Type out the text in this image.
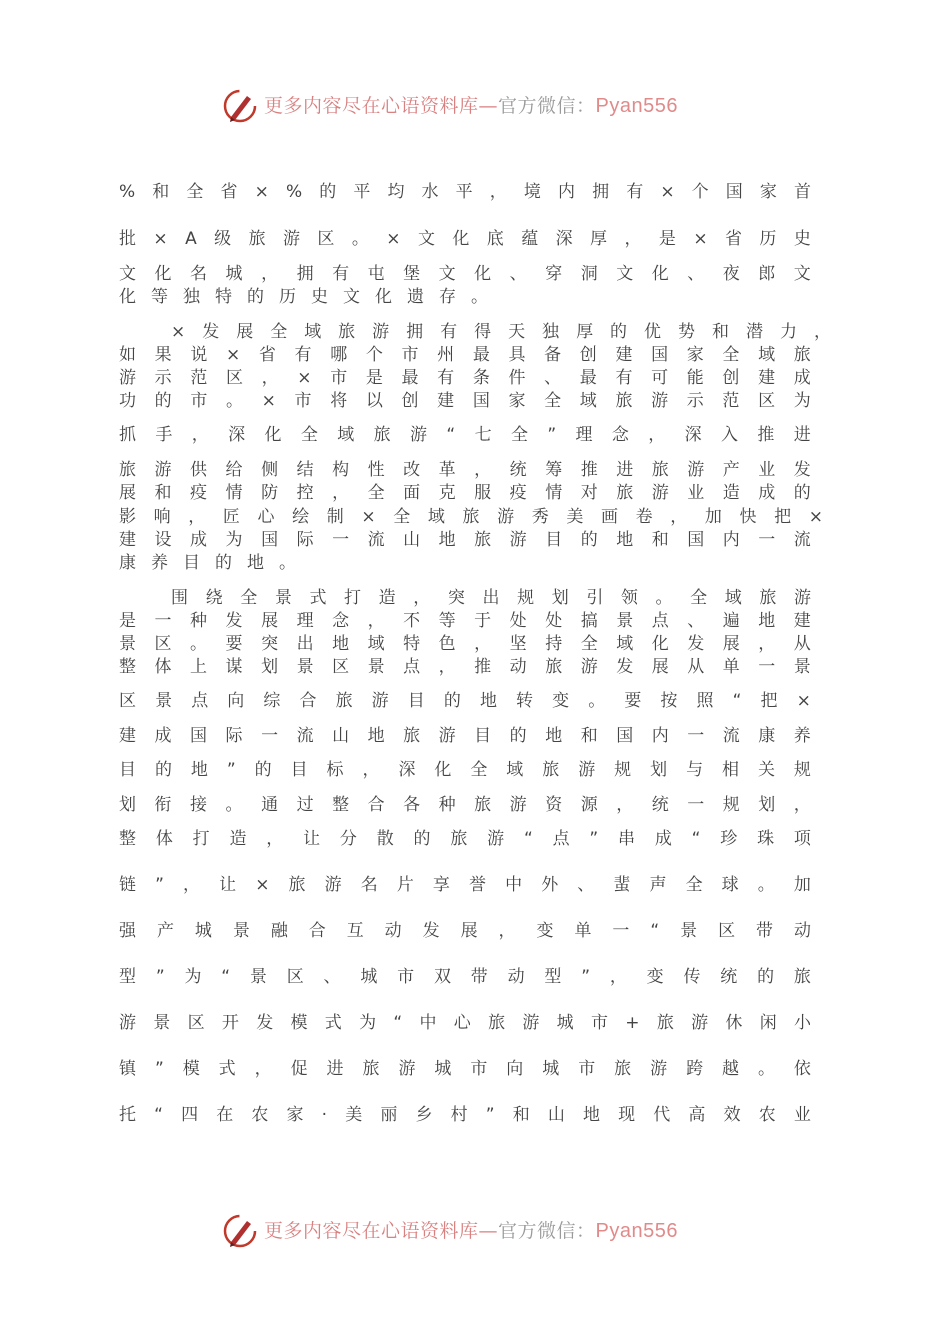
更多内容尽在心语资料库—官方微信：Pyan556
更多内容尽在心语资料库—官方微信：Pyan556
% 和 全 省 × % 的 平 均 水 平 ， 境 内 拥 有 × 个 国 家 首
批 × A 级 旅 游 区 。 × 文 化 底 蕴 深 厚 ， 是 × 省 历 史
文 化 名 城 ， 拥 有 屯 堡 文 化 、 穿 洞 文 化 、 夜 郎 文
化等独特的历史文化遗存。
× 发 展 全 域 旅 游 拥 有 得 天 独 厚 的 优 势 和 潜 力 ，
如 果 说 × 省 有 哪 个 市 州 最 具 备 创 建 国 家 全 域 旅
游 示 范 区 ， × 市 是 最 有 条 件 、 最 有 可 能 创 建 成
功 的 市 。 × 市 将 以 创 建 国 家 全 域 旅 游 示 范 区 为
抓 手 ， 深 化 全 域 旅 游 “ 七 全 ” 理 念 ， 深 入 推 进
旅 游 供 给 侧 结 构 性 改 革 ， 统 筹 推 进 旅 游 产 业 发
展 和 疫 情 防 控 ， 全 面 克 服 疫 情 对 旅 游 业 造 成 的
影 响 ， 匠 心 绘 制 × 全 域 旅 游 秀 美 画 卷 ， 加 快 把 ×
建 设 成 为 国 际 一 流 山 地 旅 游 目 的 地 和 国 内 一 流
康养目的地。
围 绕 全 景 式 打 造 ， 突 出 规 划 引 领 。 全 域 旅 游
是 一 种 发 展 理 念 ， 不 等 于 处 处 搞 景 点 、 遍 地 建
景 区 。 要 突 出 地 域 特 色 ， 坚 持 全 域 化 发 展 ， 从
整 体 上 谋 划 景 区 景 点 ， 推 动 旅 游 发 展 从 单 一 景
区 景 点 向 综 合 旅 游 目 的 地 转 变 。 要 按 照 “ 把 ×
建 成 国 际 一 流 山 地 旅 游 目 的 地 和 国 内 一 流 康 养
目 的 地 ” 的 目 标 ， 深 化 全 域 旅 游 规 划 与 相 关 规
划 衔 接 。 通 过 整 合 各 种 旅 游 资 源 ， 统 一 规 划 ，
整 体 打 造 ， 让 分 散 的 旅 游 “ 点 ” 串 成 “ 珍 珠 项
链 ” ， 让 × 旅 游 名 片 享 誉 中 外 、 蜚 声 全 球 。 加
强 产 城 景 融 合 互 动 发 展 ， 变 单 一 “ 景 区 带 动
型 ” 为 “ 景 区 、 城 市 双 带 动 型 ” ， 变 传 统 的 旅
游 景 区 开 发 模 式 为 “ 中 心 旅 游 城 市 + 旅 游 休 闲 小
镇 ” 模 式 ， 促 进 旅 游 城 市 向 城 市 旅 游 跨 越 。 依
托 “ 四 在 农 家 · 美 丽 乡 村 ” 和 山 地 现 代 高 效 农 业
